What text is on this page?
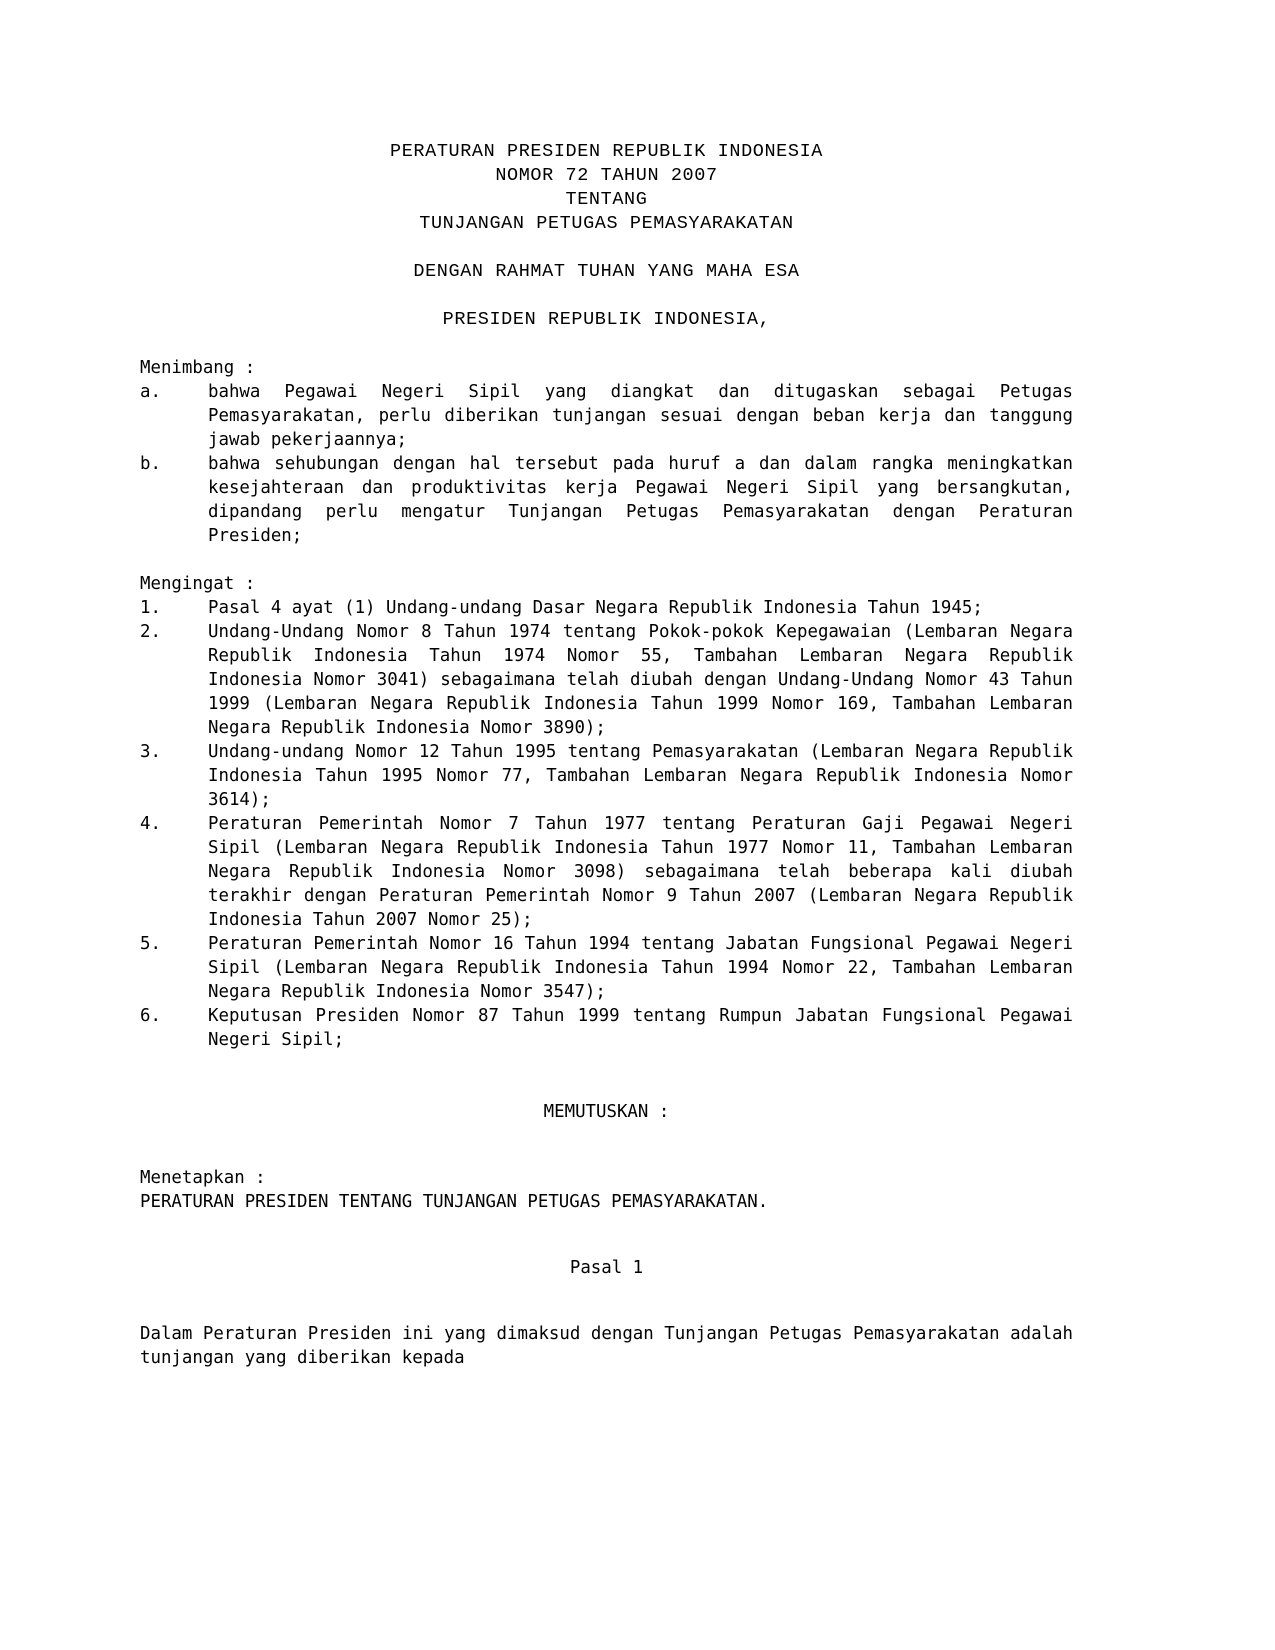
PERATURAN PRESIDEN REPUBLIK INDONESIA
NOMOR 72 TAHUN 2007
TENTANG
TUNJANGAN PETUGAS PEMASYARAKATAN
DENGAN RAHMAT TUHAN YANG MAHA ESA
PRESIDEN REPUBLIK INDONESIA,
Menimbang :
a.	bahwa Pegawai Negeri Sipil yang diangkat dan ditugaskan sebagai Petugas Pemasyarakatan, perlu diberikan tunjangan sesuai dengan beban kerja dan tanggung jawab pekerjaannya;
b.	bahwa sehubungan dengan hal tersebut pada huruf a dan dalam rangka meningkatkan kesejahteraan dan produktivitas kerja Pegawai Negeri Sipil yang bersangkutan, dipandang perlu mengatur Tunjangan Petugas Pemasyarakatan dengan Peraturan Presiden;
Mengingat :
1.	Pasal 4 ayat (1) Undang-undang Dasar Negara Republik Indonesia Tahun 1945;
2.	Undang-Undang Nomor 8 Tahun 1974 tentang Pokok-pokok Kepegawaian (Lembaran Negara Republik Indonesia Tahun 1974 Nomor 55, Tambahan Lembaran Negara Republik Indonesia Nomor 3041) sebagaimana telah diubah dengan Undang-Undang Nomor 43 Tahun 1999 (Lembaran Negara Republik Indonesia Tahun 1999 Nomor 169, Tambahan Lembaran Negara Republik Indonesia Nomor 3890);
3.	Undang-undang Nomor 12 Tahun 1995 tentang Pemasyarakatan (Lembaran Negara Republik Indonesia Tahun 1995 Nomor 77, Tambahan Lembaran Negara Republik Indonesia Nomor 3614);
4.	Peraturan Pemerintah Nomor 7 Tahun 1977 tentang Peraturan Gaji Pegawai Negeri Sipil (Lembaran Negara Republik Indonesia Tahun 1977 Nomor 11, Tambahan Lembaran Negara Republik Indonesia Nomor 3098) sebagaimana telah beberapa kali diubah terakhir dengan Peraturan Pemerintah Nomor 9 Tahun 2007 (Lembaran Negara Republik Indonesia Tahun 2007 Nomor 25);
5.	Peraturan Pemerintah Nomor 16 Tahun 1994 tentang Jabatan Fungsional Pegawai Negeri Sipil (Lembaran Negara Republik Indonesia Tahun 1994 Nomor 22, Tambahan Lembaran Negara Republik Indonesia Nomor 3547);
6.	Keputusan Presiden Nomor 87 Tahun 1999 tentang Rumpun Jabatan Fungsional Pegawai Negeri Sipil;
MEMUTUSKAN :
Menetapkan :
PERATURAN PRESIDEN TENTANG TUNJANGAN PETUGAS PEMASYARAKATAN.
Pasal 1
Dalam Peraturan Presiden ini yang dimaksud dengan Tunjangan Petugas Pemasyarakatan adalah tunjangan yang diberikan kepada
